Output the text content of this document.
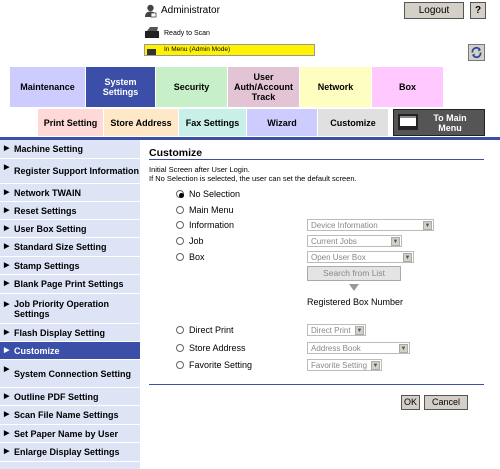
Administrator	Logout	?
Ready to Scan
In Menu (Admin Mode)
Maintenance	System Settings	Security
User Auth/Account Track
Network	Box
Print Setting	Store Address	Fax Settings	Wizard	Customize	To Main Menu
▶ Machine Setting
▶ Register Support Information
▶ Network TWAIN
▶ Reset Settings
▶ User Box Setting
▶ Standard Size Setting
▶ Stamp Settings
▶ Blank Page Print Settings
▶ Job Priority Operation Settings
▶ Flash Display Setting
▶ Customize
▶ System Connection Setting
▶ Outline PDF Setting
▶ Scan File Name Settings
▶ Set Paper Name by User
▶ Enlarge Display Settings
Customize
Initial Screen after User Login.
If No Selection is selected, the user can set the default screen.
No Selection
Main Menu
Information	Device Information	▼
Job	Current Jobs	▼
Box	Open User Box	▼
Search from List
Registered Box Number
Direct Print	Direct Print ▼
Store Address	Address Book	▼
Favorite Setting	Favorite Setting ▼
OK	Cancel
